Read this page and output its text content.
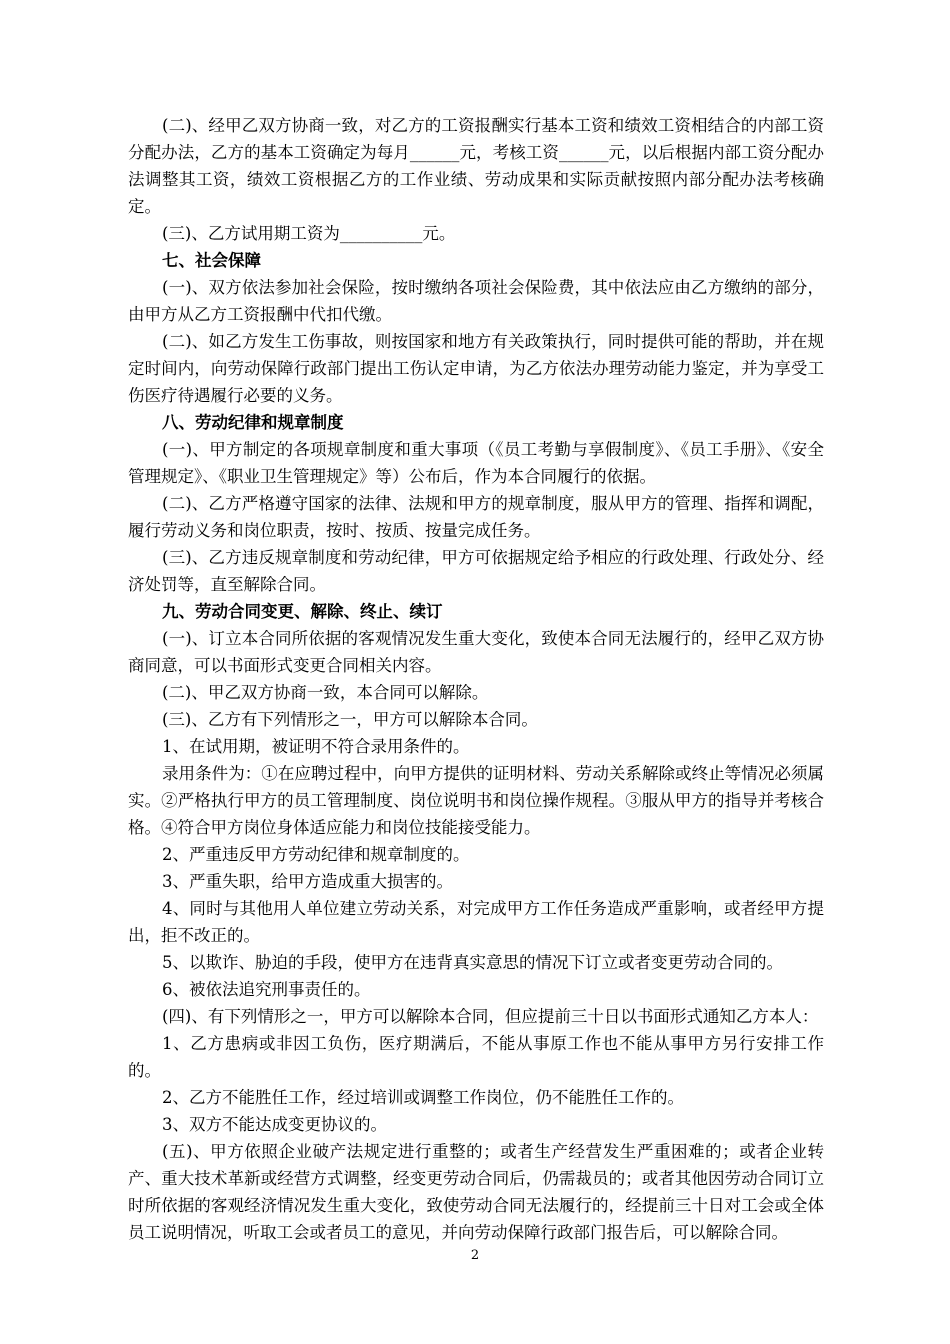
(二)、经甲乙双方协商一致，对乙方的工资报酬实行基本工资和绩效工资相结合的内部工资分配办法，乙方的基本工资确定为每月______元，考核工资______元，以后根据内部工资分配办法调整其工资，绩效工资根据乙方的工作业绩、劳动成果和实际贡献按照内部分配办法考核确定。

(三)、乙方试用期工资为__________元。

七、社会保障

(一)、双方依法参加社会保险，按时缴纳各项社会保险费，其中依法应由乙方缴纳的部分，由甲方从乙方工资报酬中代扣代缴。

(二)、如乙方发生工伤事故，则按国家和地方有关政策执行，同时提供可能的帮助，并在规定时间内，向劳动保障行政部门提出工伤认定申请，为乙方依法办理劳动能力鉴定，并为享受工伤医疗待遇履行必要的义务。

八、劳动纪律和规章制度

(一)、甲方制定的各项规章制度和重大事项（《员工考勤与享假制度》、《员工手册》、《安全管理规定》、《职业卫生管理规定》等）公布后，作为本合同履行的依据。

(二)、乙方严格遵守国家的法律、法规和甲方的规章制度，服从甲方的管理、指挥和调配，履行劳动义务和岗位职责，按时、按质、按量完成任务。

(三)、乙方违反规章制度和劳动纪律，甲方可依据规定给予相应的行政处理、行政处分、经济处罚等，直至解除合同。

九、劳动合同变更、解除、终止、续订

(一)、订立本合同所依据的客观情况发生重大变化，致使本合同无法履行的，经甲乙双方协商同意，可以书面形式变更合同相关内容。

(二)、甲乙双方协商一致，本合同可以解除。

(三)、乙方有下列情形之一，甲方可以解除本合同。

1、在试用期，被证明不符合录用条件的。

录用条件为：①在应聘过程中，向甲方提供的证明材料、劳动关系解除或终止等情况必须属实。②严格执行甲方的员工管理制度、岗位说明书和岗位操作规程。③服从甲方的指导并考核合格。④符合甲方岗位身体适应能力和岗位技能接受能力。

2、严重违反甲方劳动纪律和规章制度的。

3、严重失职，给甲方造成重大损害的。

4、同时与其他用人单位建立劳动关系，对完成甲方工作任务造成严重影响，或者经甲方提出，拒不改正的。

5、以欺诈、胁迫的手段，使甲方在违背真实意思的情况下订立或者变更劳动合同的。

6、被依法追究刑事责任的。

(四)、有下列情形之一，甲方可以解除本合同，但应提前三十日以书面形式通知乙方本人：

1、乙方患病或非因工负伤，医疗期满后，不能从事原工作也不能从事甲方另行安排工作的。

2、乙方不能胜任工作，经过培训或调整工作岗位，仍不能胜任工作的。

3、双方不能达成变更协议的。

(五)、甲方依照企业破产法规定进行重整的；或者生产经营发生严重困难的；或者企业转产、重大技术革新或经营方式调整，经变更劳动合同后，仍需裁员的；或者其他因劳动合同订立时所依据的客观经济情况发生重大变化，致使劳动合同无法履行的，经提前三十日对工会或全体员工说明情况，听取工会或者员工的意见，并向劳动保障行政部门报告后，可以解除合同。

2
